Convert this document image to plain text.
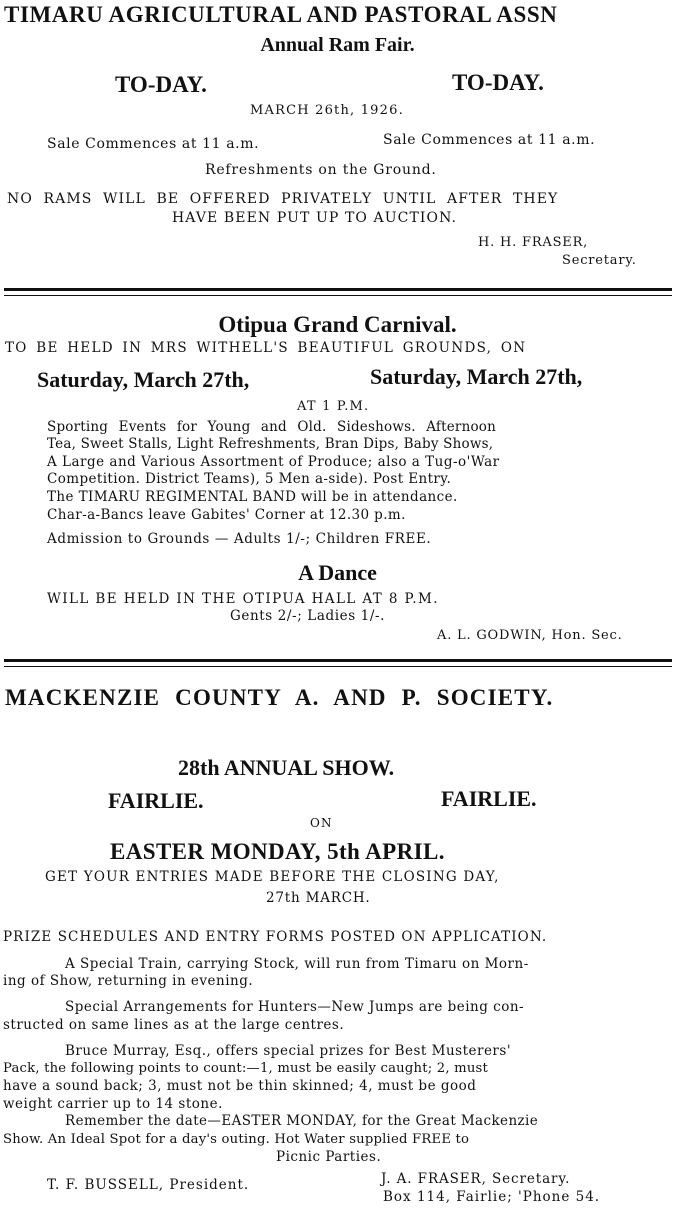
TIMARU AGRICULTURAL AND PASTORAL ASSN
Annual Ram Fair.
TO-DAY.	TO-DAY.
MARCH 26th, 1926.
Sale Commences at 11 a.m.	Sale Commences at 11 a.m.
Refreshments on the Ground.
NO RAMS WILL BE OFFERED PRIVATELY UNTIL AFTER THEY
HAVE BEEN PUT UP TO AUCTION.
H. H. FRASER,
Secretary.
Otipua Grand Carnival.
TO BE HELD IN MRS WITHELL'S BEAUTIFUL GROUNDS, ON
Saturday, March 27th,	Saturday, March 27th,
AT 1 P.M.
Sporting Events for Young and Old. Sideshows. Afternoon
Tea, Sweet Stalls, Light Refreshments, Bran Dips, Baby Shows,
A Large and Various Assortment of Produce; also a Tug-o'War
Competition. District Teams), 5 Men a-side). Post Entry.
The TIMARU REGIMENTAL BAND will be in attendance.
Char-a-Bancs leave Gabites' Corner at 12.30 p.m.
Admission to Grounds — Adults 1/-; Children FREE.
A Dance
WILL BE HELD IN THE OTIPUA HALL AT 8 P.M.
Gents 2/-; Ladies 1/-.
A. L. GODWIN, Hon. Sec.
MACKENZIE COUNTY A. AND P. SOCIETY.
28th ANNUAL SHOW.
FAIRLIE.	FAIRLIE.
ON
EASTER MONDAY, 5th APRIL.
GET YOUR ENTRIES MADE BEFORE THE CLOSING DAY,
27th MARCH.
PRIZE SCHEDULES AND ENTRY FORMS POSTED ON APPLICATION.
A Special Train, carrying Stock, will run from Timaru on Morn-
ing of Show, returning in evening.
Special Arrangements for Hunters—New Jumps are being con-
structed on same lines as at the large centres.
Bruce Murray, Esq., offers special prizes for Best Musterers'
Pack, the following points to count:—1, must be easily caught; 2, must
have a sound back; 3, must not be thin skinned; 4, must be good
weight carrier up to 14 stone.
Remember the date—EASTER MONDAY, for the Great Mackenzie
Show. An Ideal Spot for a day's outing. Hot Water supplied FREE to
Picnic Parties.
T. F. BUSSELL, President.	J. A. FRASER, Secretary.
Box 114, Fairlie; 'Phone 54.
